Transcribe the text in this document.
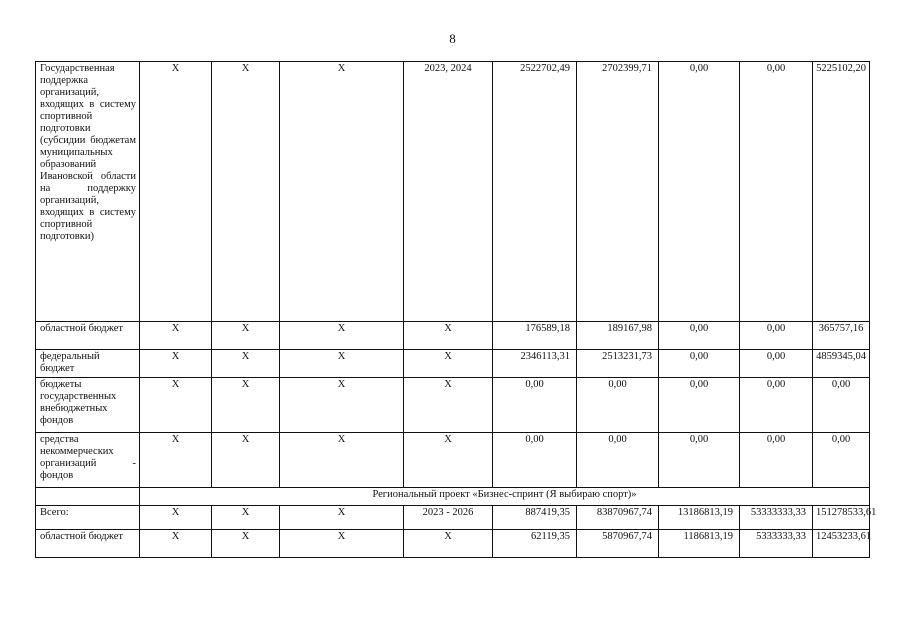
8
Государственная поддержка организаций, входящих в систему спортивной подготовки (субсидии бюджетам муниципальных образований Ивановской области на поддержку организаций, входящих в систему спортивной подготовки)	Х	Х	Х	2023, 2024	2522702,49	2702399,71	0,00	0,00	5225102,20
областной бюджет	Х	Х	Х	Х	176589,18	189167,98	0,00	0,00	365757,16
федеральный бюджет	Х	Х	Х	Х	2346113,31	2513231,73	0,00	0,00	4859345,04
бюджеты государственных внебюджетных фондов	Х	Х	Х	Х	0,00	0,00	0,00	0,00	0,00
средства некоммерческих организаций - фондов	Х	Х	Х	Х	0,00	0,00	0,00	0,00	0,00
	Региональный проект «Бизнес-спринт (Я выбираю спорт)»								
Всего:	Х	Х	Х	2023 - 2026	887419,35	83870967,74	13186813,19	53333333,33	151278533,61
областной бюджет	Х	Х	Х	Х	62119,35	5870967,74	1186813,19	5333333,33	12453233,61
